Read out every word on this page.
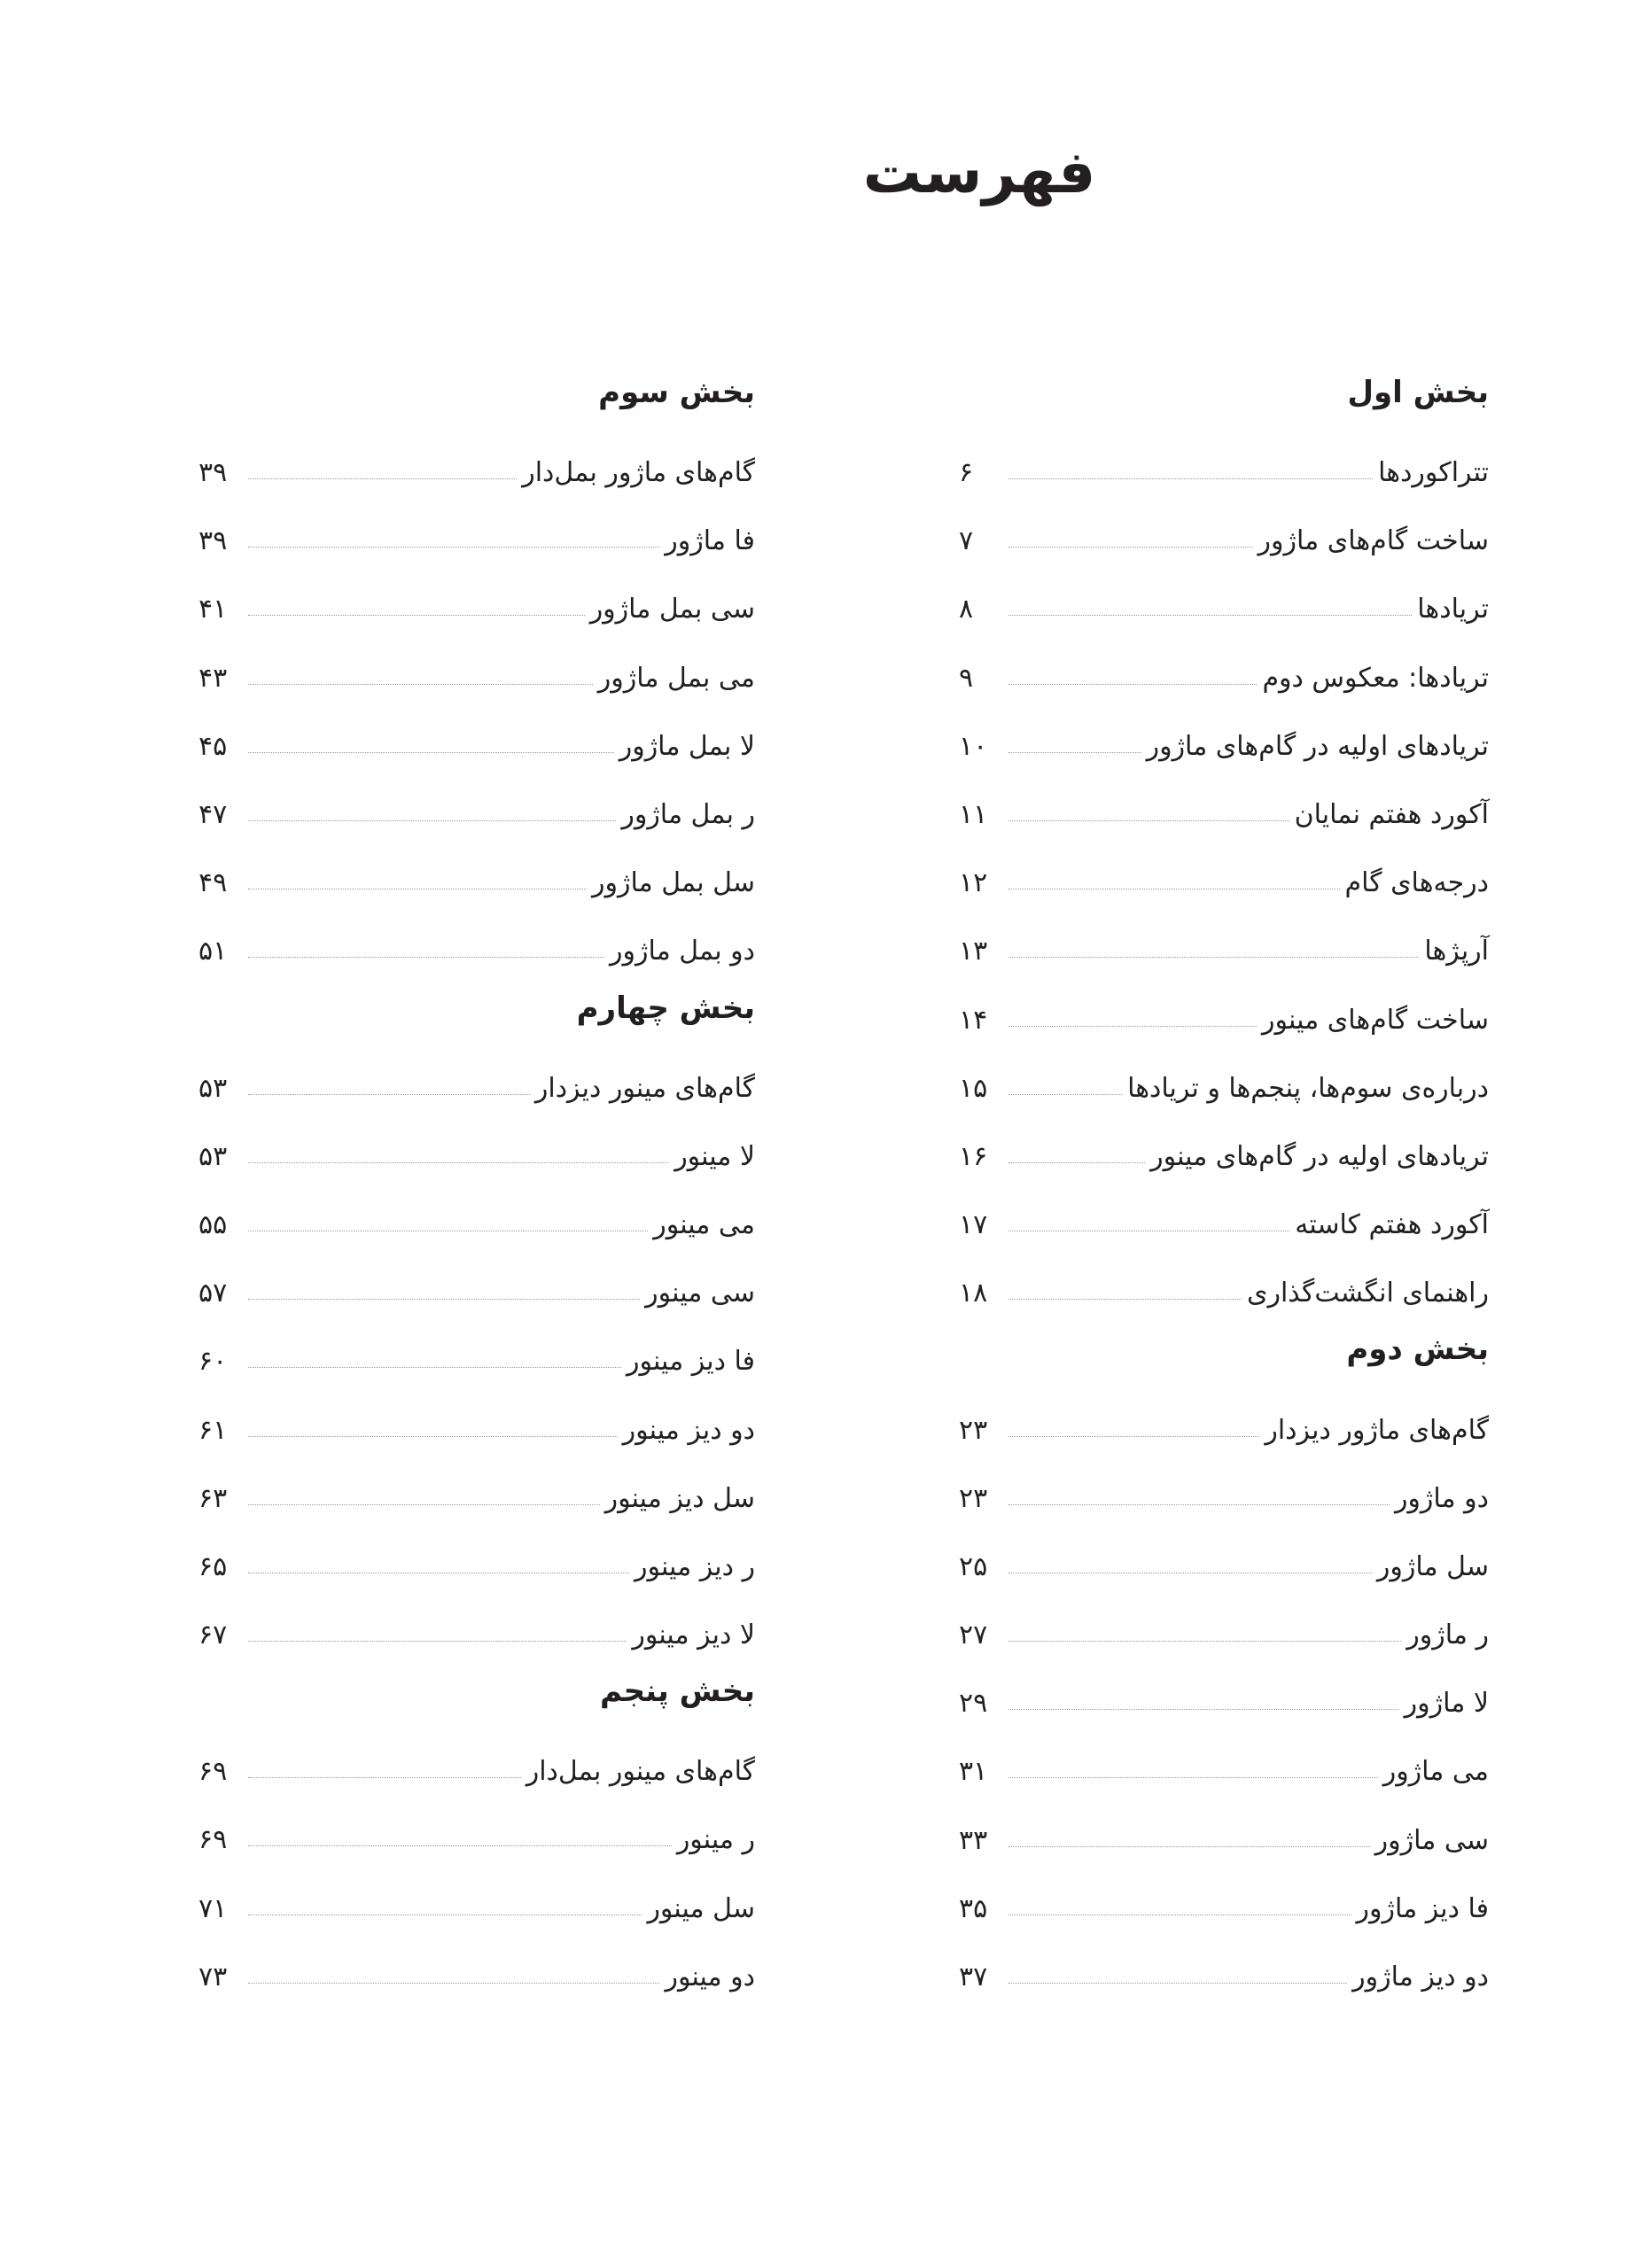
فهرست
بخش اول
تتراکوردها
۶
ساخت گام‌های ماژور
۷
تریادها
۸
تریادها: معکوس دوم
۹
تریادهای اولیه در گام‌های ماژور
۱۰
آکورد هفتم نمایان
۱۱
درجه‌های گام
۱۲
آرپژها
۱۳
ساخت گام‌های مینور
۱۴
درباره‌ی سوم‌ها، پنجم‌ها و تریادها
۱۵
تریادهای اولیه در گام‌های مینور
۱۶
آکورد هفتم کاسته
۱۷
راهنمای انگشت‌گذاری
۱۸
بخش دوم
گام‌های ماژور دیزدار
۲۳
دو ماژور
۲۳
سل ماژور
۲۵
ر ماژور
۲۷
لا ماژور
۲۹
می ماژور
۳۱
سی ماژور
۳۳
فا دیز ماژور
۳۵
دو دیز ماژور
۳۷
بخش سوم
گام‌های ماژور بمل‌دار
۳۹
فا ماژور
۳۹
سی بمل ماژور
۴۱
می بمل ماژور
۴۳
لا بمل ماژور
۴۵
ر بمل ماژور
۴۷
سل بمل ماژور
۴۹
دو بمل ماژور
۵۱
بخش چهارم
گام‌های مینور دیزدار
۵۳
لا مینور
۵۳
می مینور
۵۵
سی مینور
۵۷
فا دیز مینور
۶۰
دو دیز مینور
۶۱
سل دیز مینور
۶۳
ر دیز مینور
۶۵
لا دیز مینور
۶۷
بخش پنجم
گام‌های مینور بمل‌دار
۶۹
ر مینور
۶۹
سل مینور
۷۱
دو مینور
۷۳
